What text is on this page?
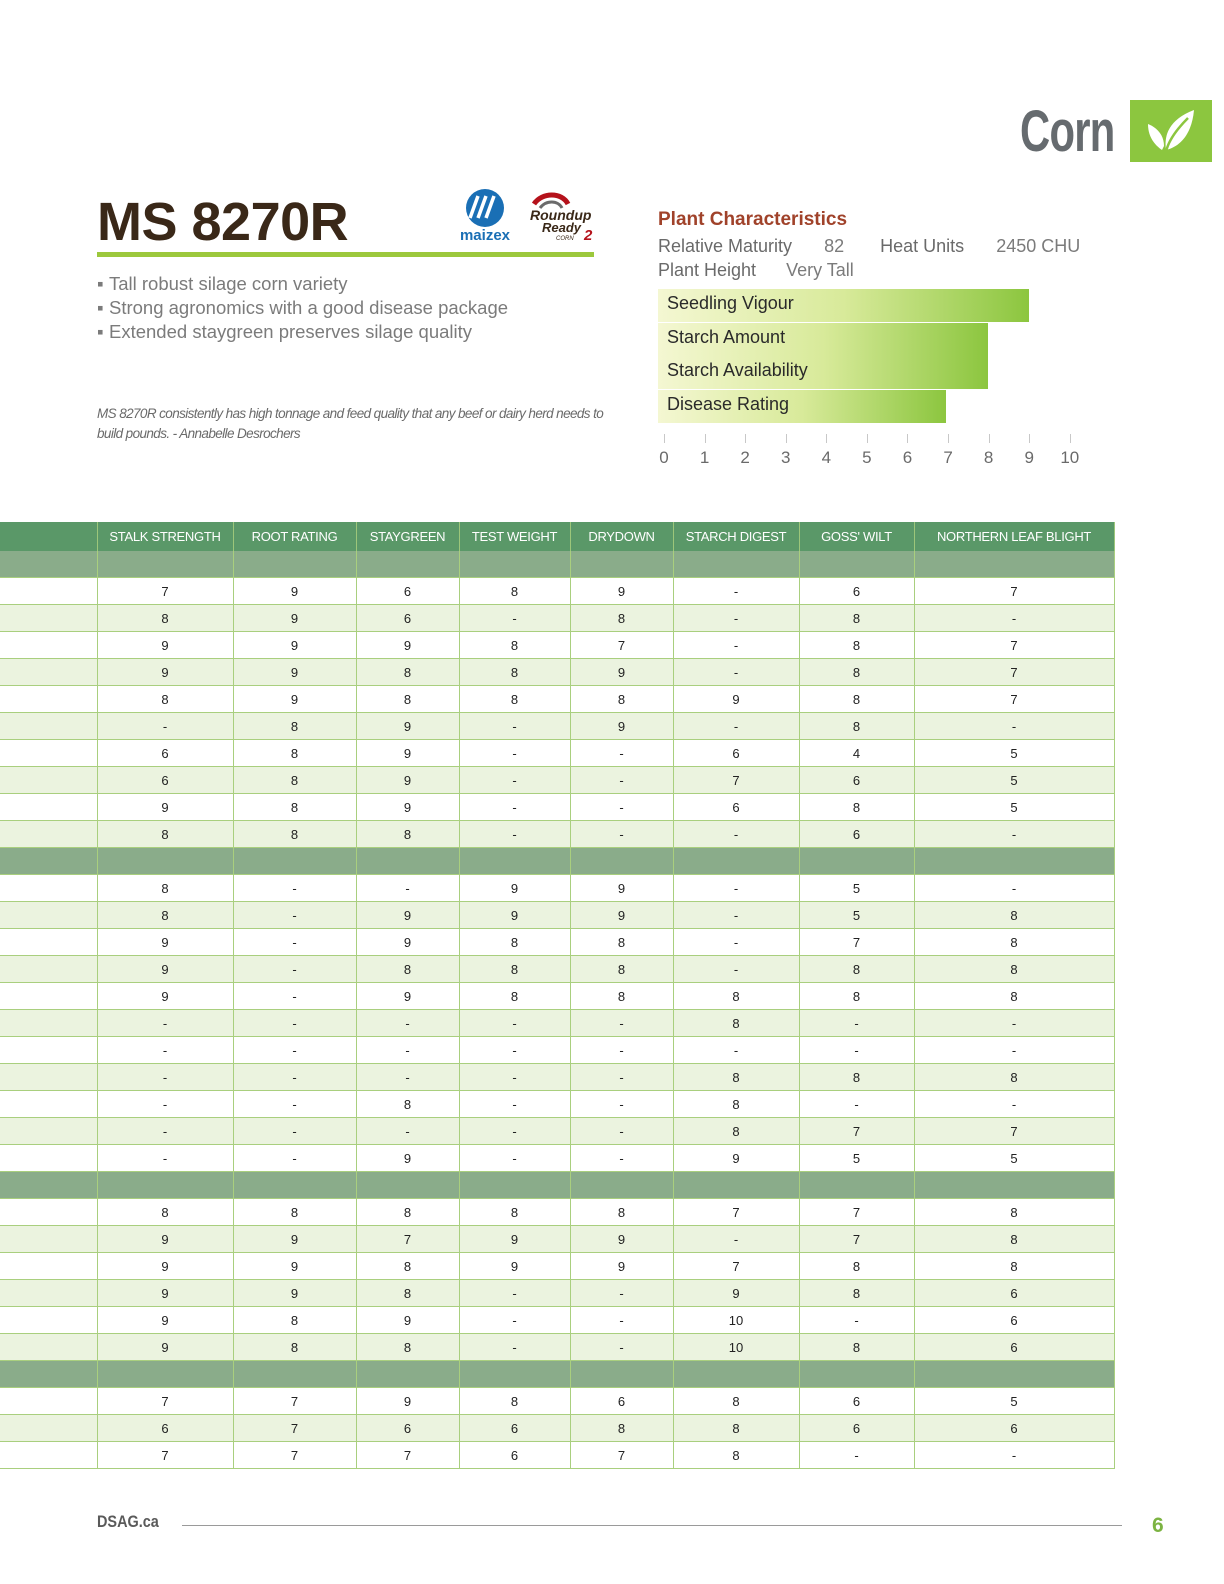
Corn
MS 8270R	maizex
Roundup
Ready
CORN 2
▪ Tall robust silage corn variety
▪ Strong agronomics with a good disease package
▪ Extended staygreen preserves silage quality
MS 8270R consistently has high tonnage and feed quality that any beef or dairy herd needs to build pounds. - Annabelle Desrochers
Plant Characteristics
Relative Maturity 82 Heat Units 2450 CHU
Plant Height Very Tall
Seedling Vigour
Starch Amount
Starch Availability
Disease Rating
0 1 2 3 4 5 6 7 8 9 10
	STALK STRENGTH	ROOT RATING	STAYGREEN	TEST WEIGHT	DRYDOWN	STARCH DIGEST	GOSS' WILT	NORTHERN LEAF BLIGHT

	7	9	6	8	9	-	6	7
	8	9	6	-	8	-	8	-
	9	9	9	8	7	-	8	7
	9	9	8	8	9	-	8	7
	8	9	8	8	8	9	8	7
	-	8	9	-	9	-	8	-
	6	8	9	-	-	6	4	5
	6	8	9	-	-	7	6	5
	9	8	9	-	-	6	8	5
	8	8	8	-	-	-	6	-

	8	-	-	9	9	-	5	-
	8	-	9	9	9	-	5	8
	9	-	9	8	8	-	7	8
	9	-	8	8	8	-	8	8
	9	-	9	8	8	8	8	8
	-	-	-	-	-	8	-	-
	-	-	-	-	-	-	-	-
	-	-	-	-	-	8	8	8
	-	-	8	-	-	8	-	-
	-	-	-	-	-	8	7	7
	-	-	9	-	-	9	5	5

	8	8	8	8	8	7	7	8
	9	9	7	9	9	-	7	8
	9	9	8	9	9	7	8	8
	9	9	8	-	-	9	8	6
	9	8	9	-	-	10	-	6
	9	8	8	-	-	10	8	6

	7	7	9	8	6	8	6	5
	6	7	6	6	8	8	6	6
	7	7	7	6	7	8	-	-
DSAG.ca	6
